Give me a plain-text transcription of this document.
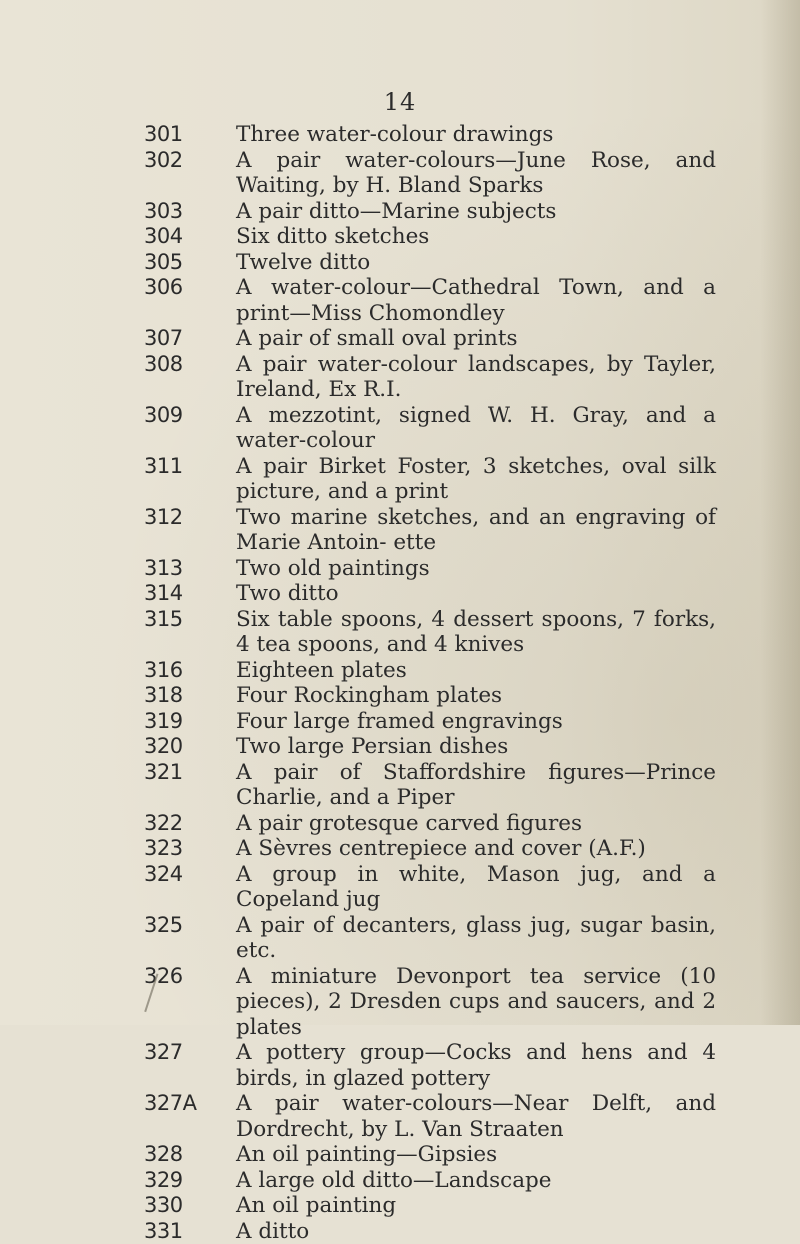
14
301	Three water-colour drawings
302	A pair water-colours—June Rose, and Waiting, by H. Bland Sparks
303	A pair ditto—Marine subjects
304	Six ditto sketches
305	Twelve ditto
306	A water-colour—Cathedral Town, and a print—Miss Chomondley
307	A pair of small oval prints
308	A pair water-colour landscapes, by Tayler, Ireland, Ex R.I.
309	A mezzotint, signed W. H. Gray, and a water-colour
311	A pair Birket Foster, 3 sketches, oval silk picture, and a print
312	Two marine sketches, and an engraving of Marie Antoin- ette
313	Two old paintings
314	Two ditto
315	Six table spoons, 4 dessert spoons, 7 forks, 4 tea spoons, and 4 knives
316	Eighteen plates
318	Four Rockingham plates
319	Four large framed engravings
320	Two large Persian dishes
321	A pair of Staffordshire figures—Prince Charlie, and a Piper
322	A pair grotesque carved figures
323	A Sèvres centrepiece and cover (A.F.)
324	A group in white, Mason jug, and a Copeland jug
325	A pair of decanters, glass jug, sugar basin, etc.
326	A miniature Devonport tea service (10 pieces), 2 Dresden cups and saucers, and 2 plates
327	A pottery group—Cocks and hens and 4 birds, in glazed pottery
327A	A pair water-colours—Near Delft, and Dordrecht, by L. Van Straaten
328	An oil painting—Gipsies
329	A large old ditto—Landscape
330	An oil painting
331	A ditto
